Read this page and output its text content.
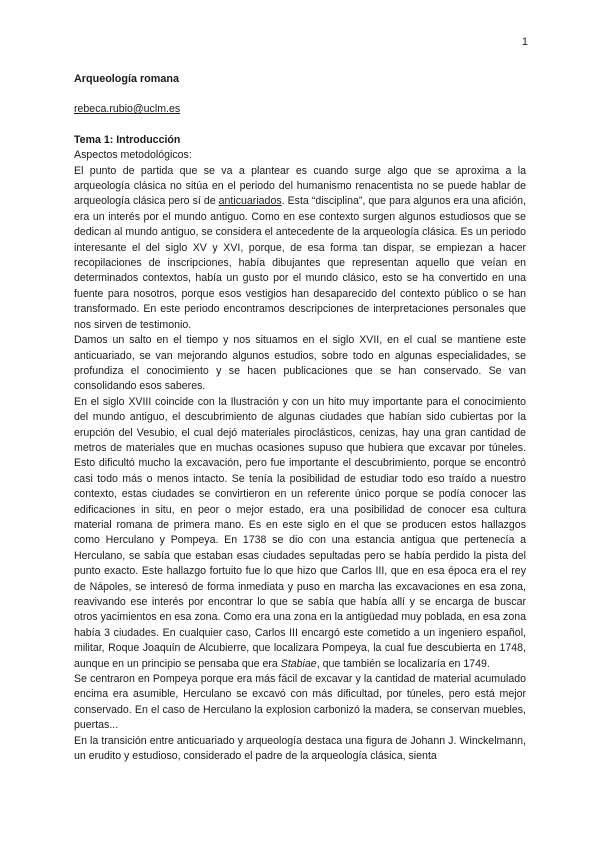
1
Arqueología romana
rebeca.rubio@uclm.es
Tema 1: Introducción
Aspectos metodológicos:

El punto de partida que se va a plantear es cuando surge algo que se aproxima a la arqueología clásica no sitúa en el periodo del humanismo renacentista no se puede hablar de arqueología clásica pero sí de anticuariados. Esta “disciplina”, que para algunos era una afición, era un interés por el mundo antiguo. Como en ese contexto surgen algunos estudiosos que se dedican al mundo antiguo, se considera el antecedente de la arqueología clásica. Es un periodo interesante el del siglo XV y XVI, porque, de esa forma tan dispar, se empiezan a hacer recopilaciones de inscripciones, había dibujantes que representan aquello que veían en determinados contextos, había un gusto por el mundo clásico, esto se ha convertido en una fuente para nosotros, porque esos vestigios han desaparecido del contexto público o se han transformado. En este periodo encontramos descripciones de interpretaciones personales que nos sirven de testimonio.

Damos un salto en el tiempo y nos situamos en el siglo XVII, en el cual se mantiene este anticuariado, se van mejorando algunos estudios, sobre todo en algunas especialidades, se profundiza el conocimiento y se hacen publicaciones que se han conservado. Se van consolidando esos saberes.

En el siglo XVIII coincide con la Ilustración y con un hito muy importante para el conocimiento del mundo antiguo, el descubrimiento de algunas ciudades que habían sido cubiertas por la erupción del Vesubio, el cual dejó materiales piroclásticos, cenizas, hay una gran cantidad de metros de materiales que en muchas ocasiones supuso que hubiera que excavar por túneles. Esto dificultó mucho la excavación, pero fue importante el descubrimiento, porque se encontró casi todo más o menos intacto. Se tenía la posibilidad de estudiar todo eso traído a nuestro contexto, estas ciudades se convirtieron en un referente único porque se podía conocer las edificaciones in situ, en peor o mejor estado, era una posibilidad de conocer esa cultura material romana de primera mano. Es en este siglo en el que se producen estos hallazgos como Herculano y Pompeya. En 1738 se dio con una estancia antigua que pertenecía a Herculano, se sabía que estaban esas ciudades sepultadas pero se había perdido la pista del punto exacto. Este hallazgo fortuito fue lo que hizo que Carlos III, que en esa época era el rey de Nápoles, se interesó de forma inmediata y puso en marcha las excavaciones en esa zona, reavivando ese interés por encontrar lo que se sabía que había allí y se encarga de buscar otros yacimientos en esa zona. Como era una zona en la antigüedad muy poblada, en esa zona había 3 ciudades. En cualquier caso, Carlos III encargó este cometido a un ingeniero español, militar, Roque Joaquín de Alcubierre, que localizara Pompeya, la cual fue descubierta en 1748, aunque en un principio se pensaba que era Stabiae, que también se localizaría en 1749.

Se centraron en Pompeya porque era más fácil de excavar y la cantidad de material acumulado encima era asumible, Herculano se excavó con más dificultad, por túneles, pero está mejor conservado. En el caso de Herculano la explosion carbonizó la madera, se conservan muebles, puertas...

En la transición entre anticuariado y arqueología destaca una figura de Johann J. Winckelmann, un erudito y estudioso, considerado el padre de la arqueología clásica, sienta
